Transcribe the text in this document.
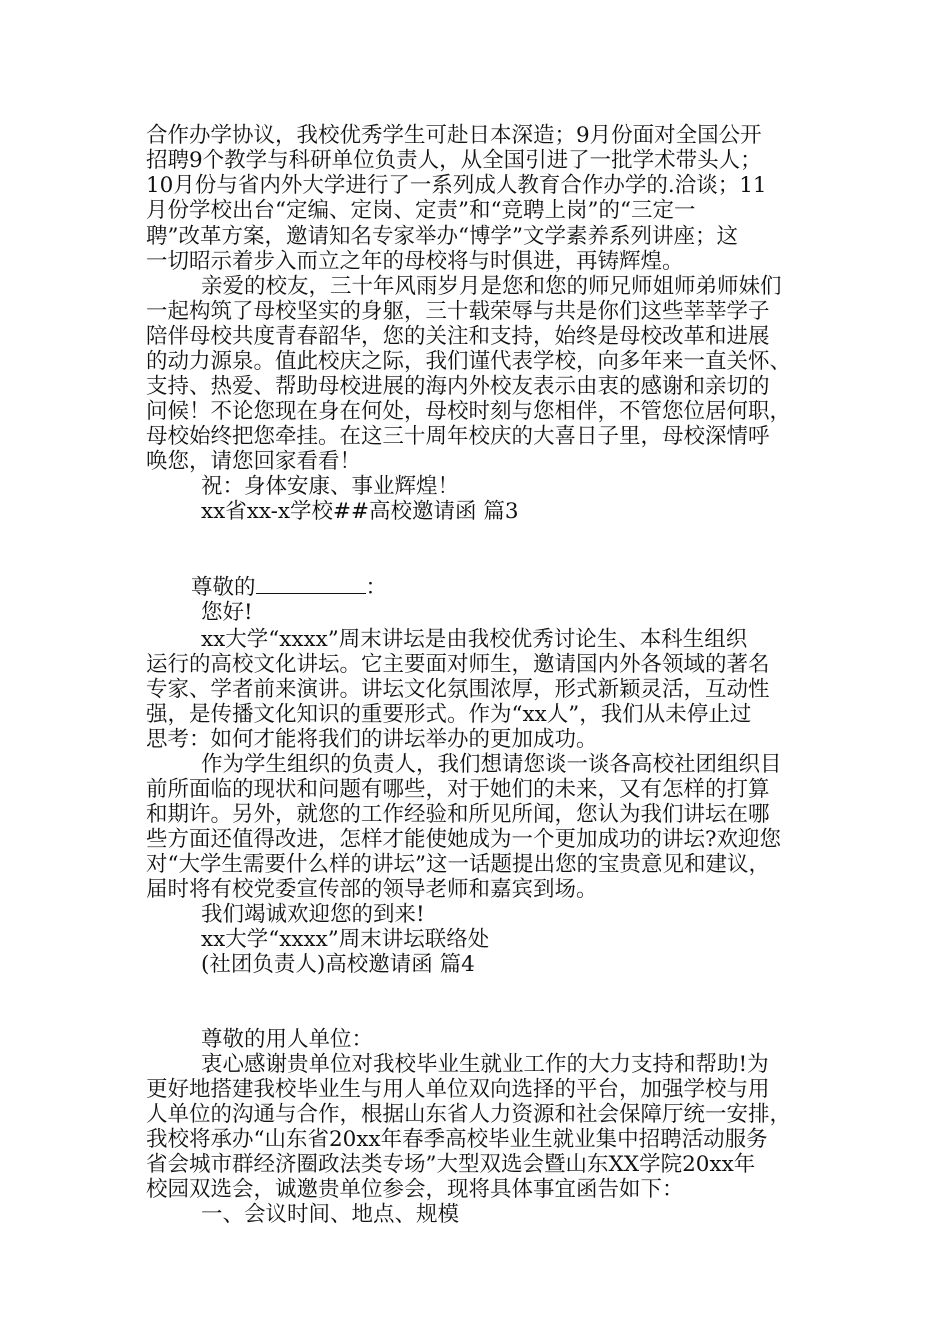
合作办学协议，我校优秀学生可赴日本深造；9月份面对全国公开
招聘9个教学与科研单位负责人，从全国引进了一批学术带头人；
10月份与省内外大学进行了一系列成人教育合作办学的.洽谈；11
月份学校出台“定编、定岗、定责”和“竞聘上岗”的“三定一
聘”改革方案，邀请知名专家举办“博学”文学素养系列讲座；这
一切昭示着步入而立之年的母校将与时俱进，再铸辉煌。
亲爱的校友，三十年风雨岁月是您和您的师兄师姐师弟师妹们
一起构筑了母校坚实的身躯，三十载荣辱与共是你们这些莘莘学子
陪伴母校共度青春韶华，您的关注和支持，始终是母校改革和进展
的动力源泉。值此校庆之际，我们谨代表学校，向多年来一直关怀、
支持、热爱、帮助母校进展的海内外校友表示由衷的感谢和亲切的
问候！不论您现在身在何处，母校时刻与您相伴，不管您位居何职，
母校始终把您牵挂。在这三十周年校庆的大喜日子里，母校深情呼
唤您，请您回家看看！
祝：身体安康、事业辉煌！
xx省xx-x学校##高校邀请函 篇3
尊敬的	：
您好!
xx大学“xxxx”周末讲坛是由我校优秀讨论生、本科生组织
运行的高校文化讲坛。它主要面对师生，邀请国内外各领域的著名
专家、学者前来演讲。讲坛文化氛围浓厚，形式新颖灵活，互动性
强，是传播文化知识的重要形式。作为“xx人”，我们从未停止过
思考：如何才能将我们的讲坛举办的更加成功。
作为学生组织的负责人，我们想请您谈一谈各高校社团组织目
前所面临的现状和问题有哪些，对于她们的未来，又有怎样的打算
和期许。另外，就您的工作经验和所见所闻，您认为我们讲坛在哪
些方面还值得改进，怎样才能使她成为一个更加成功的讲坛?欢迎您
对“大学生需要什么样的讲坛”这一话题提出您的宝贵意见和建议，
届时将有校党委宣传部的领导老师和嘉宾到场。
我们竭诚欢迎您的到来!
xx大学“xxxx”周末讲坛联络处
(社团负责人)高校邀请函 篇4
尊敬的用人单位：
衷心感谢贵单位对我校毕业生就业工作的大力支持和帮助!为
更好地搭建我校毕业生与用人单位双向选择的平台，加强学校与用
人单位的沟通与合作，根据山东省人力资源和社会保障厅统一安排，
我校将承办“山东省20xx年春季高校毕业生就业集中招聘活动服务
省会城市群经济圈政法类专场”大型双选会暨山东XX学院20xx年
校园双选会，诚邀贵单位参会，现将具体事宜函告如下：
一、会议时间、地点、规模
